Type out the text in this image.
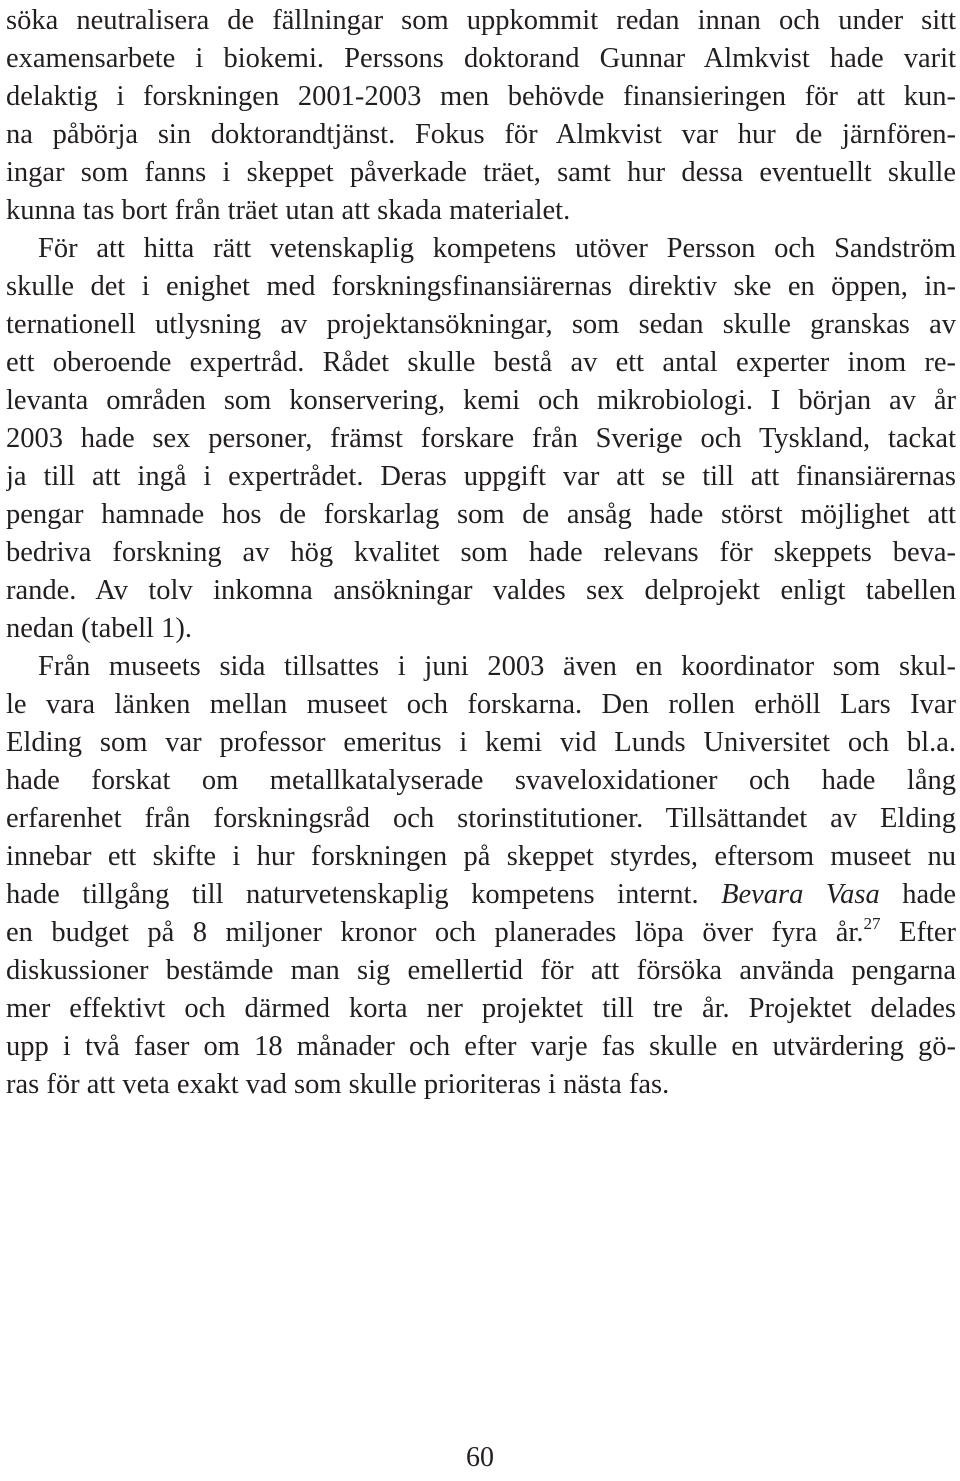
söka neutralisera de fällningar som uppkommit redan innan och under sitt
examensarbete i biokemi. Perssons doktorand Gunnar Almkvist hade varit
delaktig i forskningen 2001-2003 men behövde finansieringen för att kun-
na påbörja sin doktorandtjänst. Fokus för Almkvist var hur de järnfören-
ingar som fanns i skeppet påverkade träet, samt hur dessa eventuellt skulle
kunna tas bort från träet utan att skada materialet.
För att hitta rätt vetenskaplig kompetens utöver Persson och Sandström
skulle det i enighet med forskningsfinansiärernas direktiv ske en öppen, in-
ternationell utlysning av projektansökningar, som sedan skulle granskas av
ett oberoende expertråd. Rådet skulle bestå av ett antal experter inom re-
levanta områden som konservering, kemi och mikrobiologi. I början av år
2003 hade sex personer, främst forskare från Sverige och Tyskland, tackat
ja till att ingå i expertrådet. Deras uppgift var att se till att finansiärernas
pengar hamnade hos de forskarlag som de ansåg hade störst möjlighet att
bedriva forskning av hög kvalitet som hade relevans för skeppets beva-
rande. Av tolv inkomna ansökningar valdes sex delprojekt enligt tabellen
nedan (tabell 1).
Från museets sida tillsattes i juni 2003 även en koordinator som skul-
le vara länken mellan museet och forskarna. Den rollen erhöll Lars Ivar
Elding som var professor emeritus i kemi vid Lunds Universitet och bl.a.
hade forskat om metallkatalyserade svaveloxidationer och hade lång
erfarenhet från forskningsråd och storinstitutioner. Tillsättandet av Elding
innebar ett skifte i hur forskningen på skeppet styrdes, eftersom museet nu
hade tillgång till naturvetenskaplig kompetens internt. Bevara Vasa hade
en budget på 8 miljoner kronor och planerades löpa över fyra år.$^{27}$ Efter
diskussioner bestämde man sig emellertid för att försöka använda pengarna
mer effektivt och därmed korta ner projektet till tre år. Projektet delades
upp i två faser om 18 månader och efter varje fas skulle en utvärdering gö-
ras för att veta exakt vad som skulle prioriteras i nästa fas.
60
